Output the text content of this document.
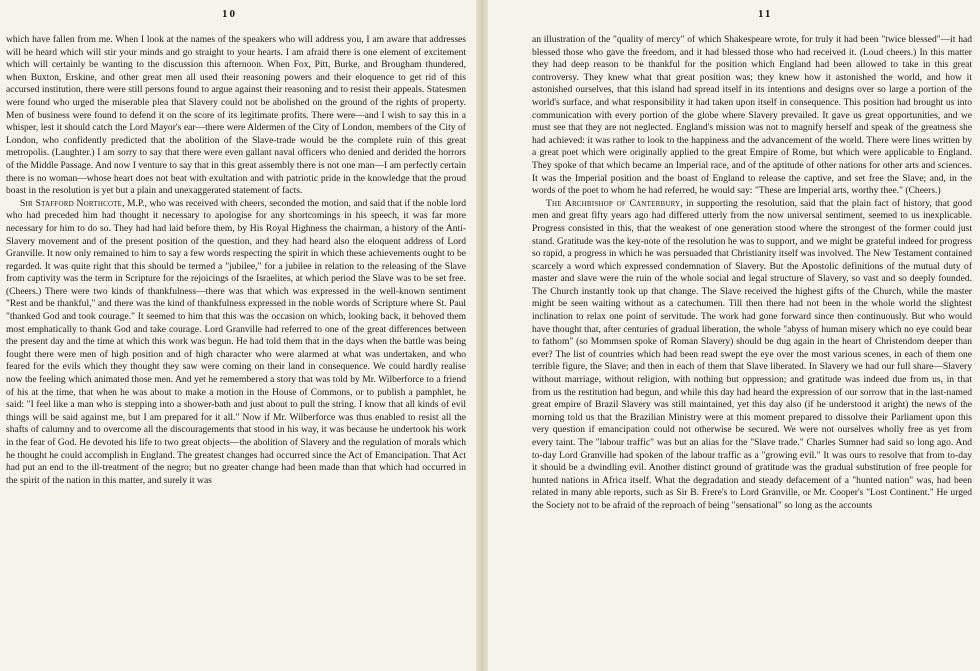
10

which have fallen from me. When I look at the names of the speakers who will address you, I am aware that addresses will be heard which will stir your minds and go straight to your hearts. I am afraid there is one element of excitement which will certainly be wanting to the discussion this afternoon. When Fox, Pitt, Burke, and Brougham thundered, when Buxton, Erskine, and other great men all used their reasoning powers and their eloquence to get rid of this accursed institution, there were still persons found to argue against their reasoning and to resist their appeals. Statesmen were found who urged the miserable plea that Slavery could not be abolished on the ground of the rights of property. Men of business were found to defend it on the score of its legitimate profits. There were—and I wish to say this in a whisper, lest it should catch the Lord Mayor's ear—there were Aldermen of the City of London, members of the City of London, who confidently predicted that the abolition of the Slave-trade would be the complete ruin of this great metropolis. (Laughter.) I am sorry to say that there were even gallant naval officers who denied and derided the horrors of the Middle Passage. And now I venture to say that in this great assembly there is not one man—I am perfectly certain there is no woman—whose heart does not beat with exultation and with patriotic pride in the knowledge that the proud boast in the resolution is yet but a plain and unexaggerated statement of facts.

Sir Stafford Northcote, M.P., who was received with cheers, seconded the motion, and said that if the noble lord who had preceded him had thought it necessary to apologise for any shortcomings in his speech, it was far more necessary for him to do so. They had had laid before them, by His Royal Highness the chairman, a history of the Anti-Slavery movement and of the present position of the question, and they had heard also the eloquent address of Lord Granville. It now only remained to him to say a few words respecting the spirit in which these achievements ought to be regarded. It was quite right that this should be termed a "jubilee," for a jubilee in relation to the releasing of the Slave from captivity was the term in Scripture for the rejoicings of the Israelites, at which period the Slave was to be set free. (Cheers.) There were two kinds of thankfulness—there was that which was expressed in the well-known sentiment "Rest and be thankful," and there was the kind of thankfulness expressed in the noble words of Scripture where St. Paul "thanked God and took courage." It seemed to him that this was the occasion on which, looking back, it behoved them most emphatically to thank God and take courage. Lord Granville had referred to one of the great differences between the present day and the time at which this work was begun. He had told them that in the days when the battle was being fought there were men of high position and of high character who were alarmed at what was undertaken, and who feared for the evils which they thought they saw were coming on their land in consequence. We could hardly realise now the feeling which animated those men. And yet he remembered a story that was told by Mr. Wilberforce to a friend of his at the time, that when he was about to make a motion in the House of Commons, or to publish a pamphlet, he said: "I feel like a man who is stepping into a shower-bath and just about to pull the string. I know that all kinds of evil things will be said against me, but I am prepared for it all." Now if Mr. Wilberforce was thus enabled to resist all the shafts of calumny and to overcome all the discouragements that stood in his way, it was because he undertook his work in the fear of God. He devoted his life to two great objects—the abolition of Slavery and the regulation of morals which he thought he could accomplish in England. The greatest changes had occurred since the Act of Emancipation. That Act had put an end to the ill-treatment of the negro; but no greater change had been made than that which had occurred in the spirit of the nation in this matter, and surely it was

11

an illustration of the "quality of mercy" of which Shakespeare wrote, for truly it had been "twice blessed"—it had blessed those who gave the freedom, and it had blessed those who had received it. (Loud cheers.) In this matter they had deep reason to be thankful for the position which England had been allowed to take in this great controversy. They knew what that great position was; they knew how it astonished the world, and how it astonished ourselves, that this island had spread itself in its intentions and designs over so large a portion of the world's surface, and what responsibility it had taken upon itself in consequence. This position had brought us into communication with every portion of the globe where Slavery prevailed. It gave us great opportunities, and we must see that they are not neglected. England's mission was not to magnify herself and speak of the greatness she had achieved: it was rather to look to the happiness and the advancement of the world. There were lines written by a great poet which were originally applied to the great Empire of Rome, but which were applicable to England. They spoke of that which became an Imperial race, and of the aptitude of other nations for other arts and sciences. It was the Imperial position and the boast of England to release the captive, and set free the Slave; and, in the words of the poet to whom he had referred, he would say: "These are Imperial arts, worthy thee." (Cheers.)

The Archbishop of Canterbury, in supporting the resolution, said that the plain fact of history, that good men and great fifty years ago had differed utterly from the now universal sentiment, seemed to us inexplicable. Progress consisted in this, that the weakest of one generation stood where the strongest of the former could just stand. Gratitude was the key-note of the resolution he was to support, and we might be grateful indeed for progress so rapid, a progress in which he was persuaded that Christianity itself was involved. The New Testament contained scarcely a word which expressed condemnation of Slavery. But the Apostolic definitions of the mutual duty of master and slave were the ruin of the whole social and legal structure of Slavery, so vast and so deeply founded. The Church instantly took up that change. The Slave received the highest gifts of the Church, while the master might be seen waiting without as a catechumen. Till then there had not been in the whole world the slightest inclination to relax one point of servitude. The work had gone forward since then continuously. But who would have thought that, after centuries of gradual liberation, the whole "abyss of human misery which no eye could bear to fathom" (so Mommsen spoke of Roman Slavery) should be dug again in the heart of Christendom deeper than ever? The list of countries which had been read swept the eye over the most various scenes, in each of them one terrible figure, the Slave; and then in each of them that Slave liberated. In Slavery we had our full share—Slavery without marriage, without religion, with nothing but oppression; and gratitude was indeed due from us, in that from us the restitution had begun, and while this day had heard the expression of our sorrow that in the last-named great empire of Brazil Slavery was still maintained, yet this day also (if he understood it aright) the news of the morning told us that the Brazilian Ministry were at this moment prepared to dissolve their Parliament upon this very question if emancipation could not otherwise be secured. We were not ourselves wholly free as yet from every taint. The "labour traffic" was but an alias for the "Slave trade." Charles Sumner had said so long ago. And to-day Lord Granville had spoken of the labour traffic as a "growing evil." It was ours to resolve that from to-day it should be a dwindling evil. Another distinct ground of gratitude was the gradual substitution of free people for hunted nations in Africa itself. What the degradation and steady defacement of a "hunted nation" was, had been related in many able reports, such as Sir B. Frere's to Lord Granville, or Mr. Cooper's "Lost Continent." He urged the Society not to be afraid of the reproach of being "sensational" so long as the accounts
